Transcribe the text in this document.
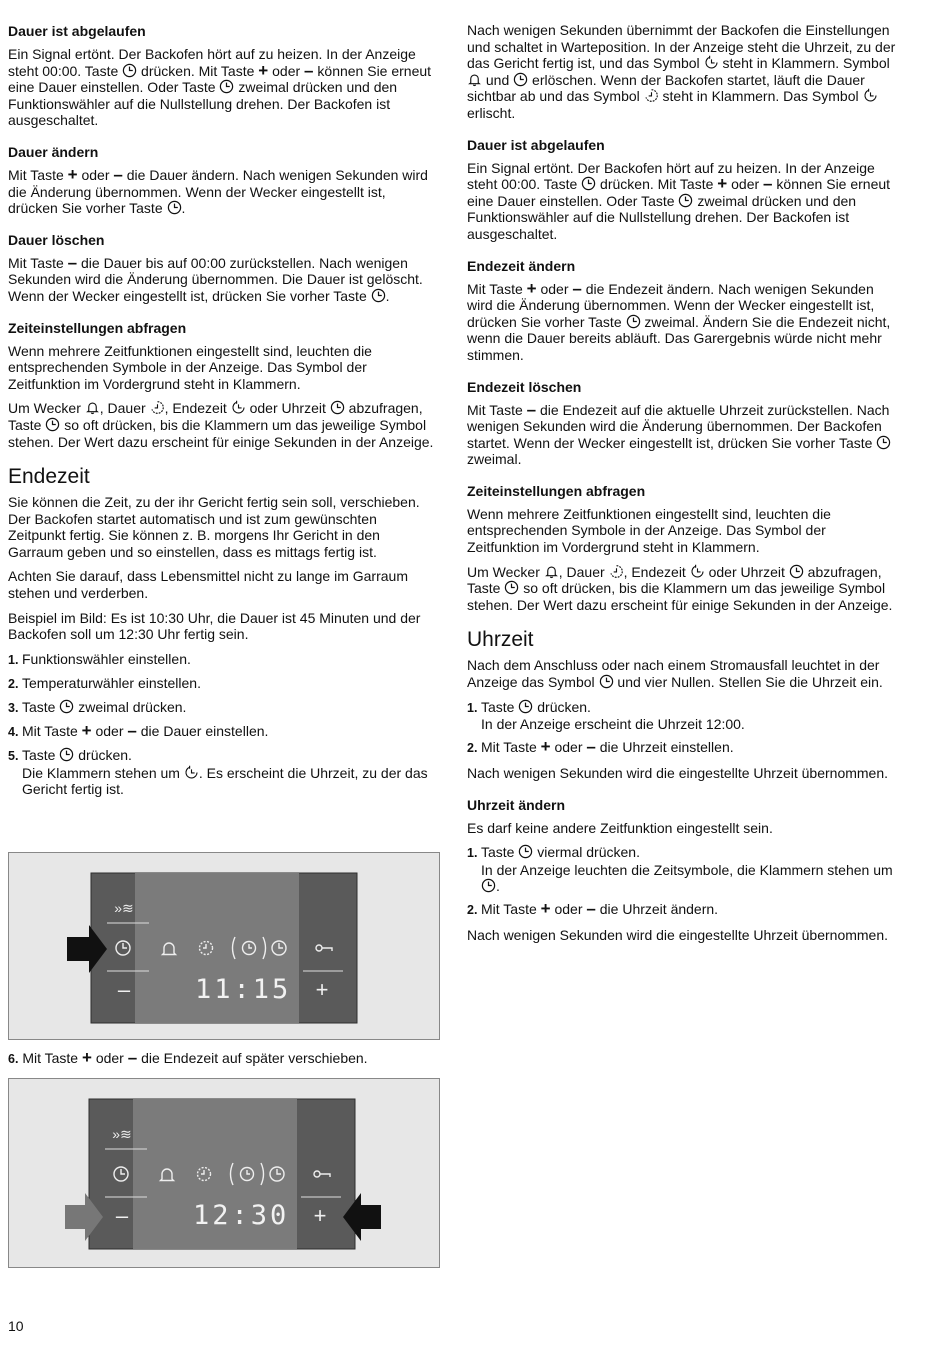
Dauer ist abgelaufen

Ein Signal ertönt. Der Backofen hört auf zu heizen. In der Anzeige steht 00:00. Taste drücken. Mit Taste + oder – können Sie erneut eine Dauer einstellen. Oder Taste zweimal drücken und den Funktionswähler auf die Nullstellung drehen. Der Backofen ist ausgeschaltet.

Dauer ändern

Mit Taste + oder – die Dauer ändern. Nach wenigen Sekunden wird die Änderung übernommen. Wenn der Wecker eingestellt ist, drücken Sie vorher Taste .

Dauer löschen

Mit Taste – die Dauer bis auf 00:00 zurückstellen. Nach wenigen Sekunden wird die Änderung übernommen. Die Dauer ist gelöscht. Wenn der Wecker eingestellt ist, drücken Sie vorher Taste .

Zeiteinstellungen abfragen

Wenn mehrere Zeitfunktionen eingestellt sind, leuchten die entsprechenden Symbole in der Anzeige. Das Symbol der Zeitfunktion im Vordergrund steht in Klammern.

Um Wecker , Dauer , Endezeit oder Uhrzeit abzufragen, Taste so oft drücken, bis die Klammern um das jeweilige Symbol stehen. Der Wert dazu erscheint für einige Sekunden in der Anzeige.

Endezeit

Sie können die Zeit, zu der ihr Gericht fertig sein soll, verschieben. Der Backofen startet automatisch und ist zum gewünschten Zeitpunkt fertig. Sie können z. B. morgens Ihr Gericht in den Garraum geben und so einstellen, dass es mittags fertig ist.

Achten Sie darauf, dass Lebensmittel nicht zu lange im Garraum stehen und verderben.

Beispiel im Bild: Es ist 10:30 Uhr, die Dauer ist 45 Minuten und der Backofen soll um 12:30 Uhr fertig sein.

1. Funktionswähler einstellen.
2. Temperaturwähler einstellen.
3. Taste zweimal drücken.
4. Mit Taste + oder – die Dauer einstellen.
5. Taste drücken.
Die Klammern stehen um . Es erscheint die Uhrzeit, zu der das Gericht fertig ist.
»≋
–	+
11:15
6. Mit Taste + oder – die Endezeit auf später verschieben.
»≋
–	+
12:30

Nach wenigen Sekunden übernimmt der Backofen die Einstellungen und schaltet in Warteposition. In der Anzeige steht die Uhrzeit, zu der das Gericht fertig ist, und das Symbol steht in Klammern. Symbol  und erlöschen. Wenn der Backofen startet, läuft die Dauer sichtbar ab und das Symbol steht in Klammern. Das Symbol  erlischt.

Dauer ist abgelaufen

Ein Signal ertönt. Der Backofen hört auf zu heizen. In der Anzeige steht 00:00. Taste drücken. Mit Taste + oder – können Sie erneut eine Dauer einstellen. Oder Taste zweimal drücken und den Funktionswähler auf die Nullstellung drehen. Der Backofen ist ausgeschaltet.

Endezeit ändern

Mit Taste + oder – die Endezeit ändern. Nach wenigen Sekunden wird die Änderung übernommen. Wenn der Wecker eingestellt ist, drücken Sie vorher Taste zweimal. Ändern Sie die Endezeit nicht, wenn die Dauer bereits abläuft. Das Garergebnis würde nicht mehr stimmen.

Endezeit löschen

Mit Taste – die Endezeit auf die aktuelle Uhrzeit zurückstellen. Nach wenigen Sekunden wird die Änderung übernommen. Der Backofen startet. Wenn der Wecker eingestellt ist, drücken Sie vorher Taste  zweimal.

Zeiteinstellungen abfragen

Wenn mehrere Zeitfunktionen eingestellt sind, leuchten die entsprechenden Symbole in der Anzeige. Das Symbol der Zeitfunktion im Vordergrund steht in Klammern.

Um Wecker , Dauer , Endezeit oder Uhrzeit abzufragen, Taste so oft drücken, bis die Klammern um das jeweilige Symbol stehen. Der Wert dazu erscheint für einige Sekunden in der Anzeige.

Uhrzeit

Nach dem Anschluss oder nach einem Stromausfall leuchtet in der Anzeige das Symbol und vier Nullen. Stellen Sie die Uhrzeit ein.

1. Taste drücken.
In der Anzeige erscheint die Uhrzeit 12:00.
2. Mit Taste + oder – die Uhrzeit einstellen.

Nach wenigen Sekunden wird die eingestellte Uhrzeit übernommen.

Uhrzeit ändern

Es darf keine andere Zeitfunktion eingestellt sein.

1. Taste viermal drücken.
In der Anzeige leuchten die Zeitsymbole, die Klammern stehen um .
2. Mit Taste + oder – die Uhrzeit ändern.

Nach wenigen Sekunden wird die eingestellte Uhrzeit übernommen.

10
